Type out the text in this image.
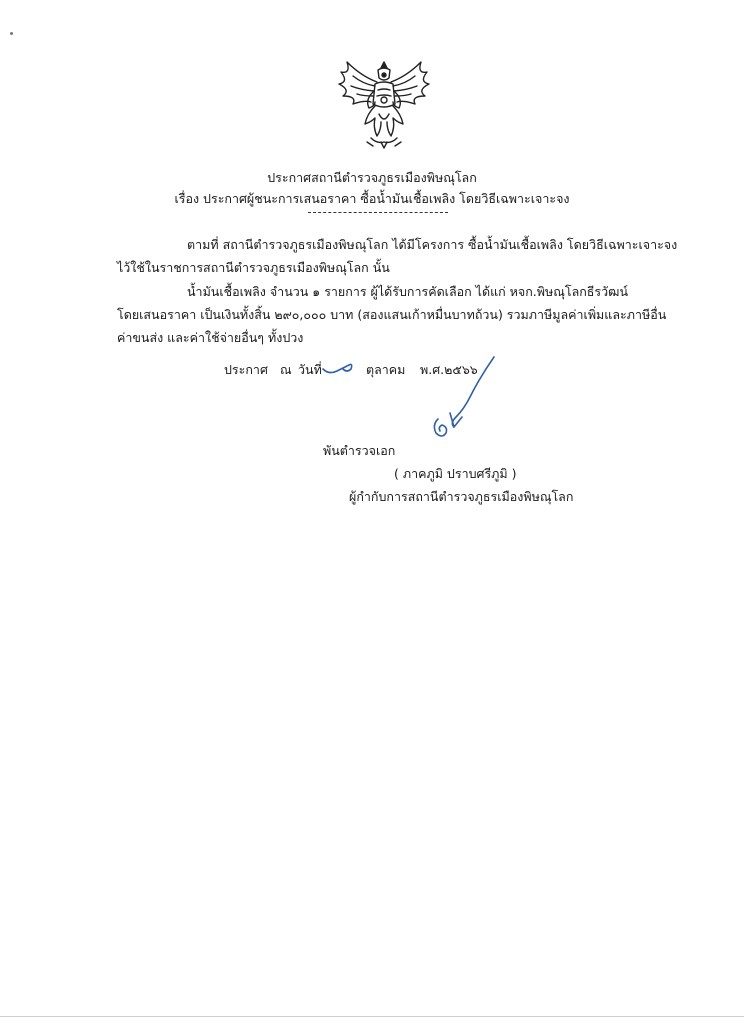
ประกาศสถานีตำรวจภูธรเมืองพิษณุโลก
เรื่อง ประกาศผู้ชนะการเสนอราคา ซื้อน้ำมันเชื้อเพลิง โดยวิธีเฉพาะเจาะจง
ตามที่ สถานีตำรวจภูธรเมืองพิษณุโลก ได้มีโครงการ ซื้อน้ำมันเชื้อเพลิง โดยวิธีเฉพาะเจาะจง
ไว้ใช้ในราชการสถานีตำรวจภูธรเมืองพิษณุโลก นั้น
น้ำมันเชื้อเพลิง จำนวน ๑ รายการ ผู้ได้รับการคัดเลือก ได้แก่ หจก.พิษณุโลกธีรวัฒน์
โดยเสนอราคา เป็นเงินทั้งสิ้น ๒๙๐,๐๐๐ บาท (สองแสนเก้าหมื่นบาทถ้วน) รวมภาษีมูลค่าเพิ่มและภาษีอื่น
ค่าขนส่ง และค่าใช้จ่ายอื่นๆ ทั้งปวง
ประกาศ ณ วันที่	ตุลาคม พ.ศ.๒๕๖๖
พันตำรวจเอก
( ภาคภูมิ ปราบศรีภูมิ )
ผู้กำกับการสถานีตำรวจภูธรเมืองพิษณุโลก
